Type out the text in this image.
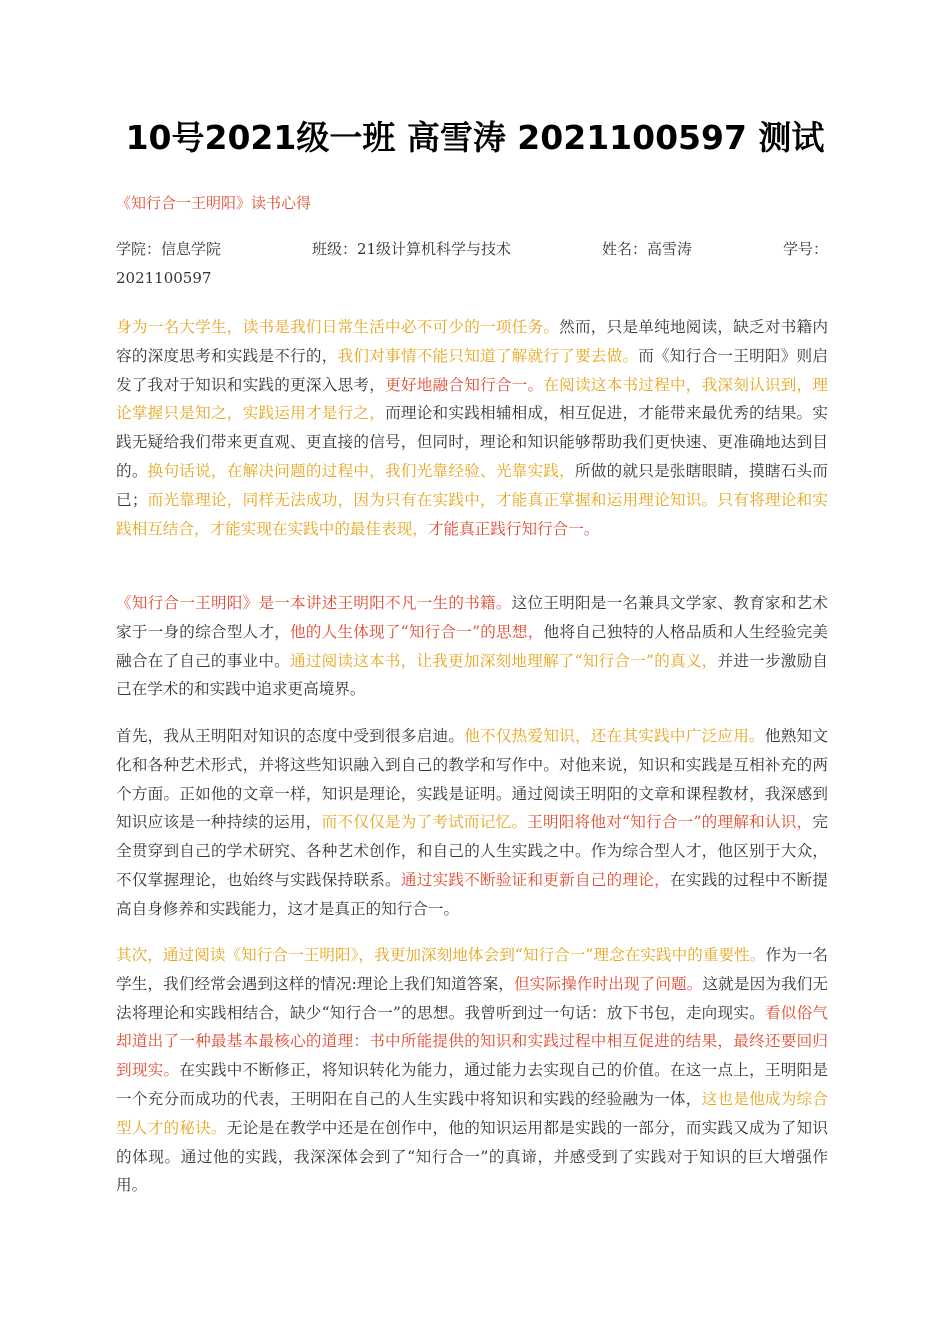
10号2021级一班 高雪涛 2021100597 测试

《知行合一王明阳》读书心得

学院：信息学院	班级：21级计算机科学与技术	姓名：高雪涛	学号：
2021100597

身为一名大学生，读书是我们日常生活中必不可少的一项任务。然而，只是单纯地阅读，缺乏对书籍内容的深度思考和实践是不行的，我们对事情不能只知道了解就行了要去做。而《知行合一王明阳》则启发了我对于知识和实践的更深入思考，更好地融合知行合一。在阅读这本书过程中，我深刻认识到，理论掌握只是知之，实践运用才是行之，而理论和实践相辅相成，相互促进，才能带来最优秀的结果。实践无疑给我们带来更直观、更直接的信号，但同时，理论和知识能够帮助我们更快速、更准确地达到目的。换句话说，在解决问题的过程中，我们光靠经验、光靠实践，所做的就只是张瞎眼睛，摸瞎石头而已；而光靠理论，同样无法成功，因为只有在实践中，才能真正掌握和运用理论知识。只有将理论和实践相互结合，才能实现在实践中的最佳表现，才能真正践行知行合一。

《知行合一王明阳》是一本讲述王明阳不凡一生的书籍。这位王明阳是一名兼具文学家、教育家和艺术家于一身的综合型人才，他的人生体现了“知行合一”的思想，他将自己独特的人格品质和人生经验完美融合在了自己的事业中。通过阅读这本书，让我更加深刻地理解了“知行合一”的真义，并进一步激励自己在学术的和实践中追求更高境界。

首先，我从王明阳对知识的态度中受到很多启迪。他不仅热爱知识，还在其实践中广泛应用。他熟知文化和各种艺术形式，并将这些知识融入到自己的教学和写作中。对他来说，知识和实践是互相补充的两个方面。正如他的文章一样，知识是理论，实践是证明。通过阅读王明阳的文章和课程教材，我深感到知识应该是一种持续的运用，而不仅仅是为了考试而记忆。王明阳将他对“知行合一”的理解和认识，完全贯穿到自己的学术研究、各种艺术创作，和自己的人生实践之中。作为综合型人才，他区别于大众，不仅掌握理论，也始终与实践保持联系。通过实践不断验证和更新自己的理论，在实践的过程中不断提高自身修养和实践能力，这才是真正的知行合一。

其次，通过阅读《知行合一王明阳》，我更加深刻地体会到“知行合一”理念在实践中的重要性。作为一名学生，我们经常会遇到这样的情况:理论上我们知道答案，但实际操作时出现了问题。这就是因为我们无法将理论和实践相结合，缺少“知行合一”的思想。我曾听到过一句话：放下书包，走向现实。看似俗气却道出了一种最基本最核心的道理：书中所能提供的知识和实践过程中相互促进的结果，最终还要回归到现实。在实践中不断修正，将知识转化为能力，通过能力去实现自己的价值。在这一点上，王明阳是一个充分而成功的代表，王明阳在自己的人生实践中将知识和实践的经验融为一体，这也是他成为综合型人才的秘诀。无论是在教学中还是在创作中，他的知识运用都是实践的一部分，而实践又成为了知识的体现。通过他的实践，我深深体会到了“知行合一”的真谛，并感受到了实践对于知识的巨大增强作用。
